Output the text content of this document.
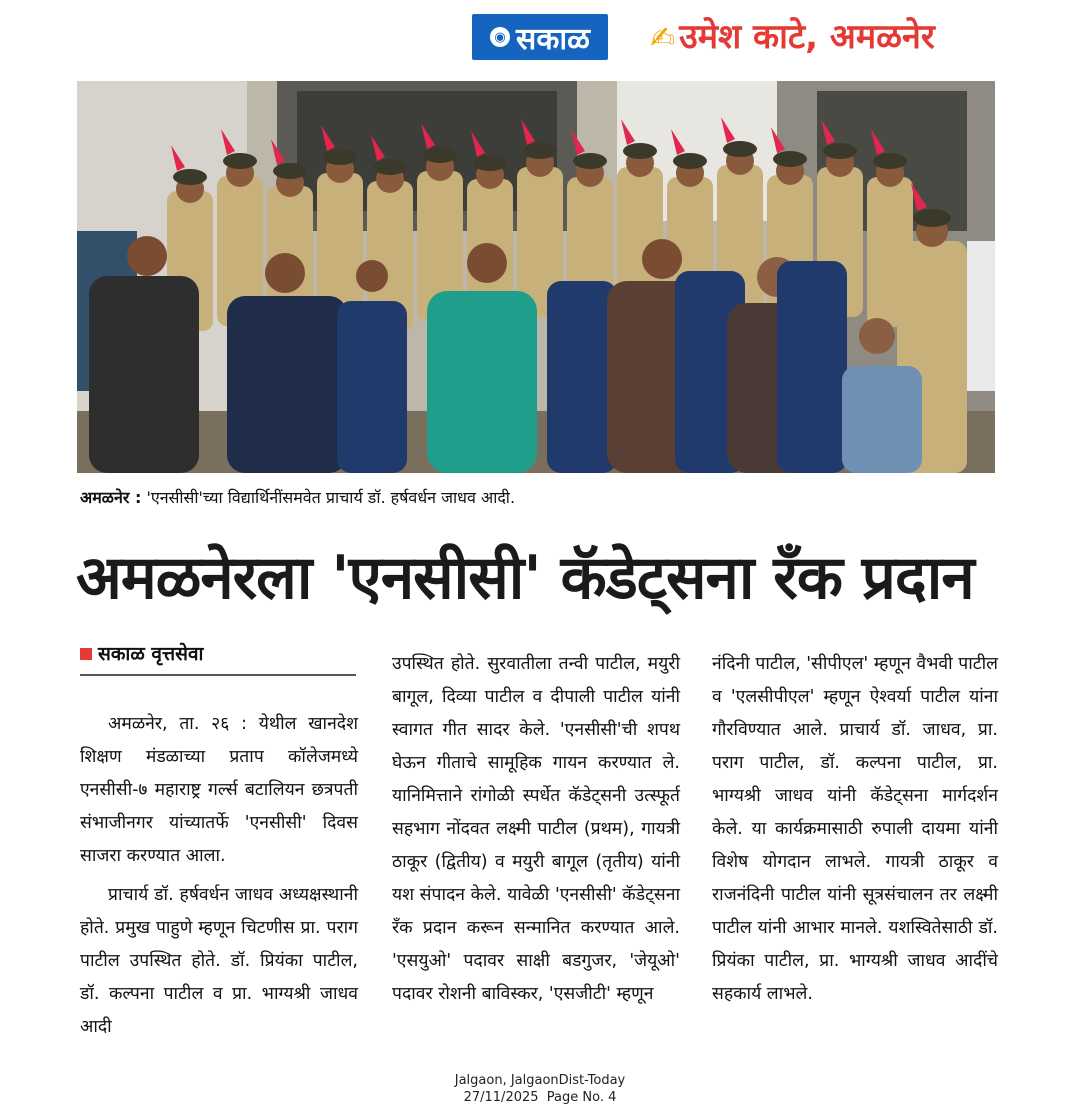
◉ सकाळ ✍ उमेश काटे, अमळनेर
अमळनेर : 'एनसीसी'च्या विद्यार्थिनींसमवेत प्राचार्य डॉ. हर्षवर्धन जाधव आदी.
अमळनेरला 'एनसीसी' कॅडेट्सना रँक प्रदान
सकाळ वृत्तसेवा

अमळनेर, ता. २६ : येथील खानदेश शिक्षण मंडळाच्या प्रताप कॉलेजमध्ये एनसीसी-७ महाराष्ट्र गर्ल्स बटालियन छत्रपती संभाजीनगर यांच्यातर्फे 'एनसीसी' दिवस साजरा करण्यात आला.

प्राचार्य डॉ. हर्षवर्धन जाधव अध्यक्षस्थानी होते. प्रमुख पाहुणे म्हणून चिटणीस प्रा. पराग पाटील उपस्थित होते. डॉ. प्रियंका पाटील, डॉ. कल्पना पाटील व प्रा. भाग्यश्री जाधव आदी

उपस्थित होते. सुरवातीला तन्वी पाटील, मयुरी बागूल, दिव्या पाटील व दीपाली पाटील यांनी स्वागत गीत सादर केले. 'एनसीसी'ची शपथ घेऊन गीताचे सामूहिक गायन करण्यात ले. यानिमित्ताने रांगोळी स्पर्धेत कॅडेट्सनी उत्स्फूर्त सहभाग नोंदवत लक्ष्मी पाटील (प्रथम), गायत्री ठाकूर (द्वितीय) व मयुरी बागूल (तृतीय) यांनी यश संपादन केले. यावेळी 'एनसीसी' कॅडेट्सना रँक प्रदान करून सन्मानित करण्यात आले. 'एसयुओ' पदावर साक्षी बडगुजर, 'जेयूओ' पदावर रोशनी बाविस्कर, 'एसजीटी' म्हणून

नंदिनी पाटील, 'सीपीएल' म्हणून वैभवी पाटील व 'एलसीपीएल' म्हणून ऐश्वर्या पाटील यांना गौरविण्यात आले. प्राचार्य डॉ. जाधव, प्रा. पराग पाटील, डॉ. कल्पना पाटील, प्रा. भाग्यश्री जाधव यांनी कॅडेट्सना मार्गदर्शन केले. या कार्यक्रमासाठी रुपाली दायमा यांनी विशेष योगदान लाभले. गायत्री ठाकूर व राजनंदिनी पाटील यांनी सूत्रसंचालन तर लक्ष्मी पाटील यांनी आभार मानले. यशस्वितेसाठी डॉ. प्रियंका पाटील, प्रा. भाग्यश्री जाधव आदींचे सहकार्य लाभले.

Jalgaon, JalgaonDist-Today
27/11/2025  Page No. 4
